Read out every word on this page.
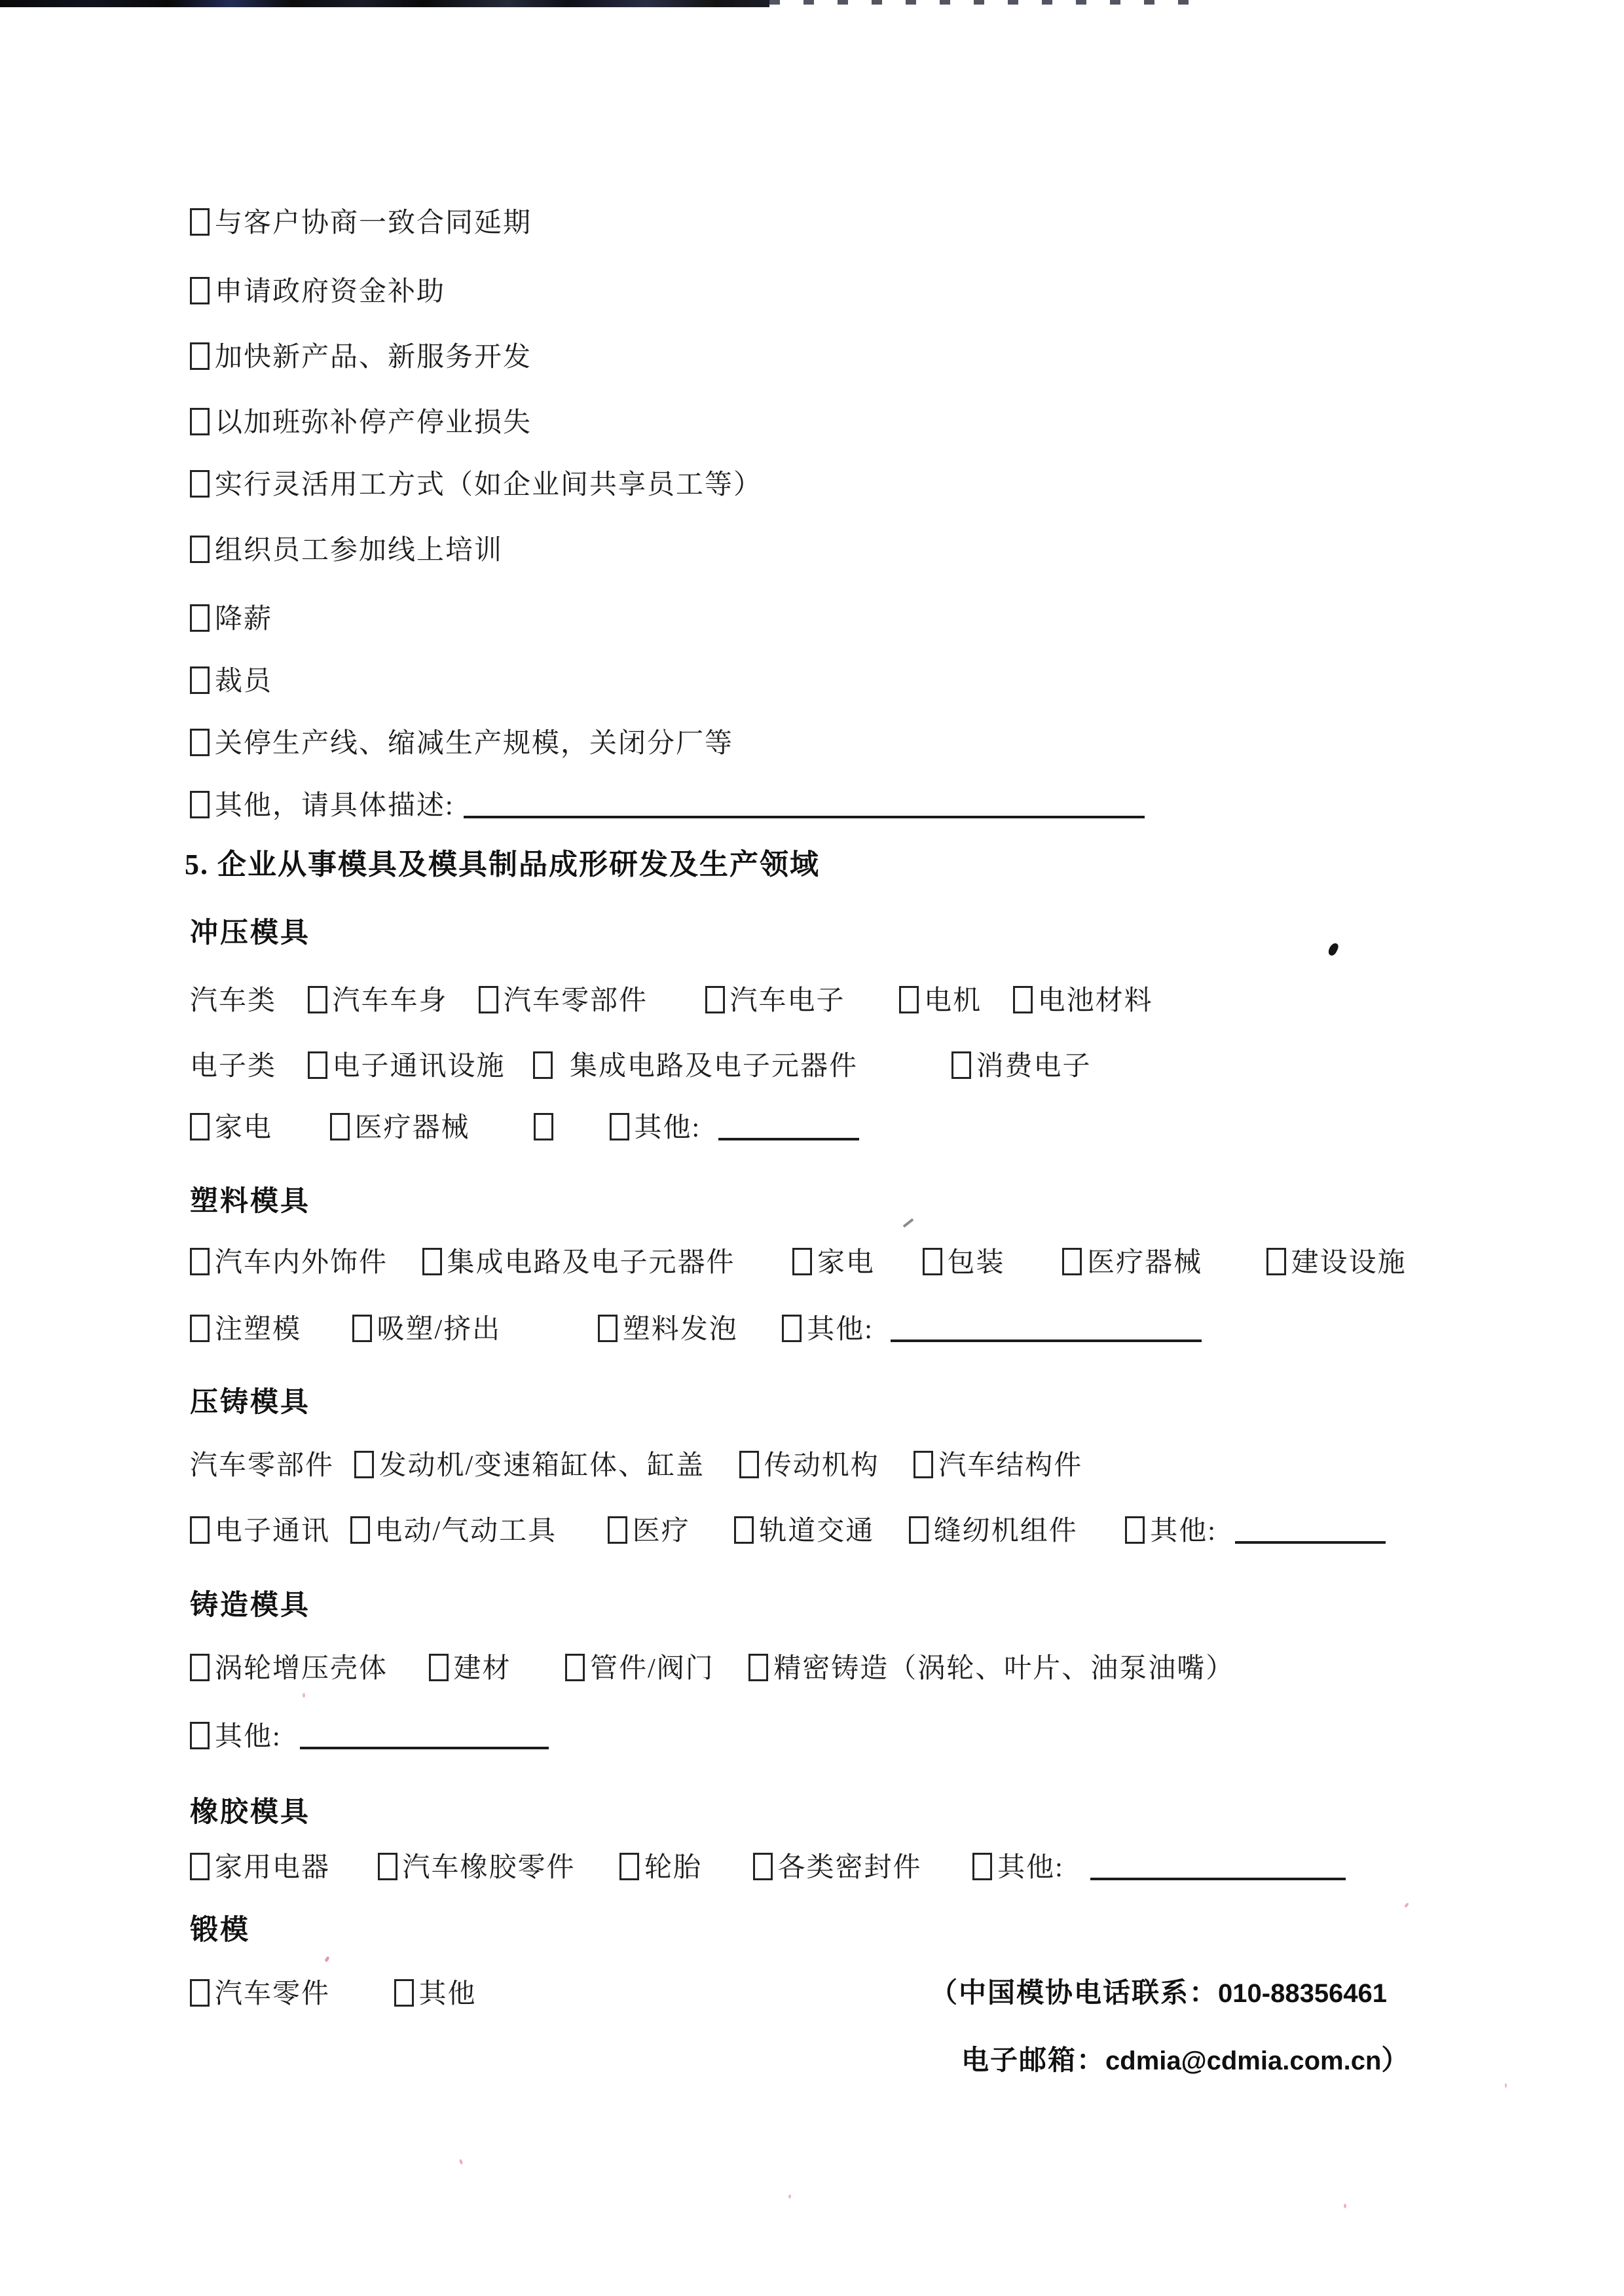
与客户协商一致合同延期
申请政府资金补助
加快新产品、新服务开发
以加班弥补停产停业损失
实行灵活用工方式（如企业间共享员工等）
组织员工参加线上培训
降薪
裁员
关停生产线、缩减生产规模，关闭分厂等
其他，请具体描述:
5. 企业从事模具及模具制品成形研发及生产领域
冲压模具
汽车类 汽车车身 汽车零部件	汽车电子	电机 电池材料
电子类 电子通讯设施 集成电路及电子元器件	消费电子
家电	医疗器械	其他:
塑料模具
汽车内外饰件 集成电路及电子元器件	家电	包装	医疗器械	建设设施
注塑模	吸塑/挤出	塑料发泡	其他:
压铸模具
汽车零部件 发动机/变速箱缸体、缸盖 传动机构 汽车结构件
电子通讯 电动/气动工具	医疗	轨道交通 缝纫机组件	其他:
铸造模具
涡轮增压壳体 建材	管件/阀门 精密铸造（涡轮、叶片、油泵油嘴）
其他:
橡胶模具
家用电器	汽车橡胶零件	轮胎	各类密封件	其他:
锻模
汽车零件	其他	（中国模协电话联系：010-88356461
电子邮箱：cdmia@cdmia.com.cn）
